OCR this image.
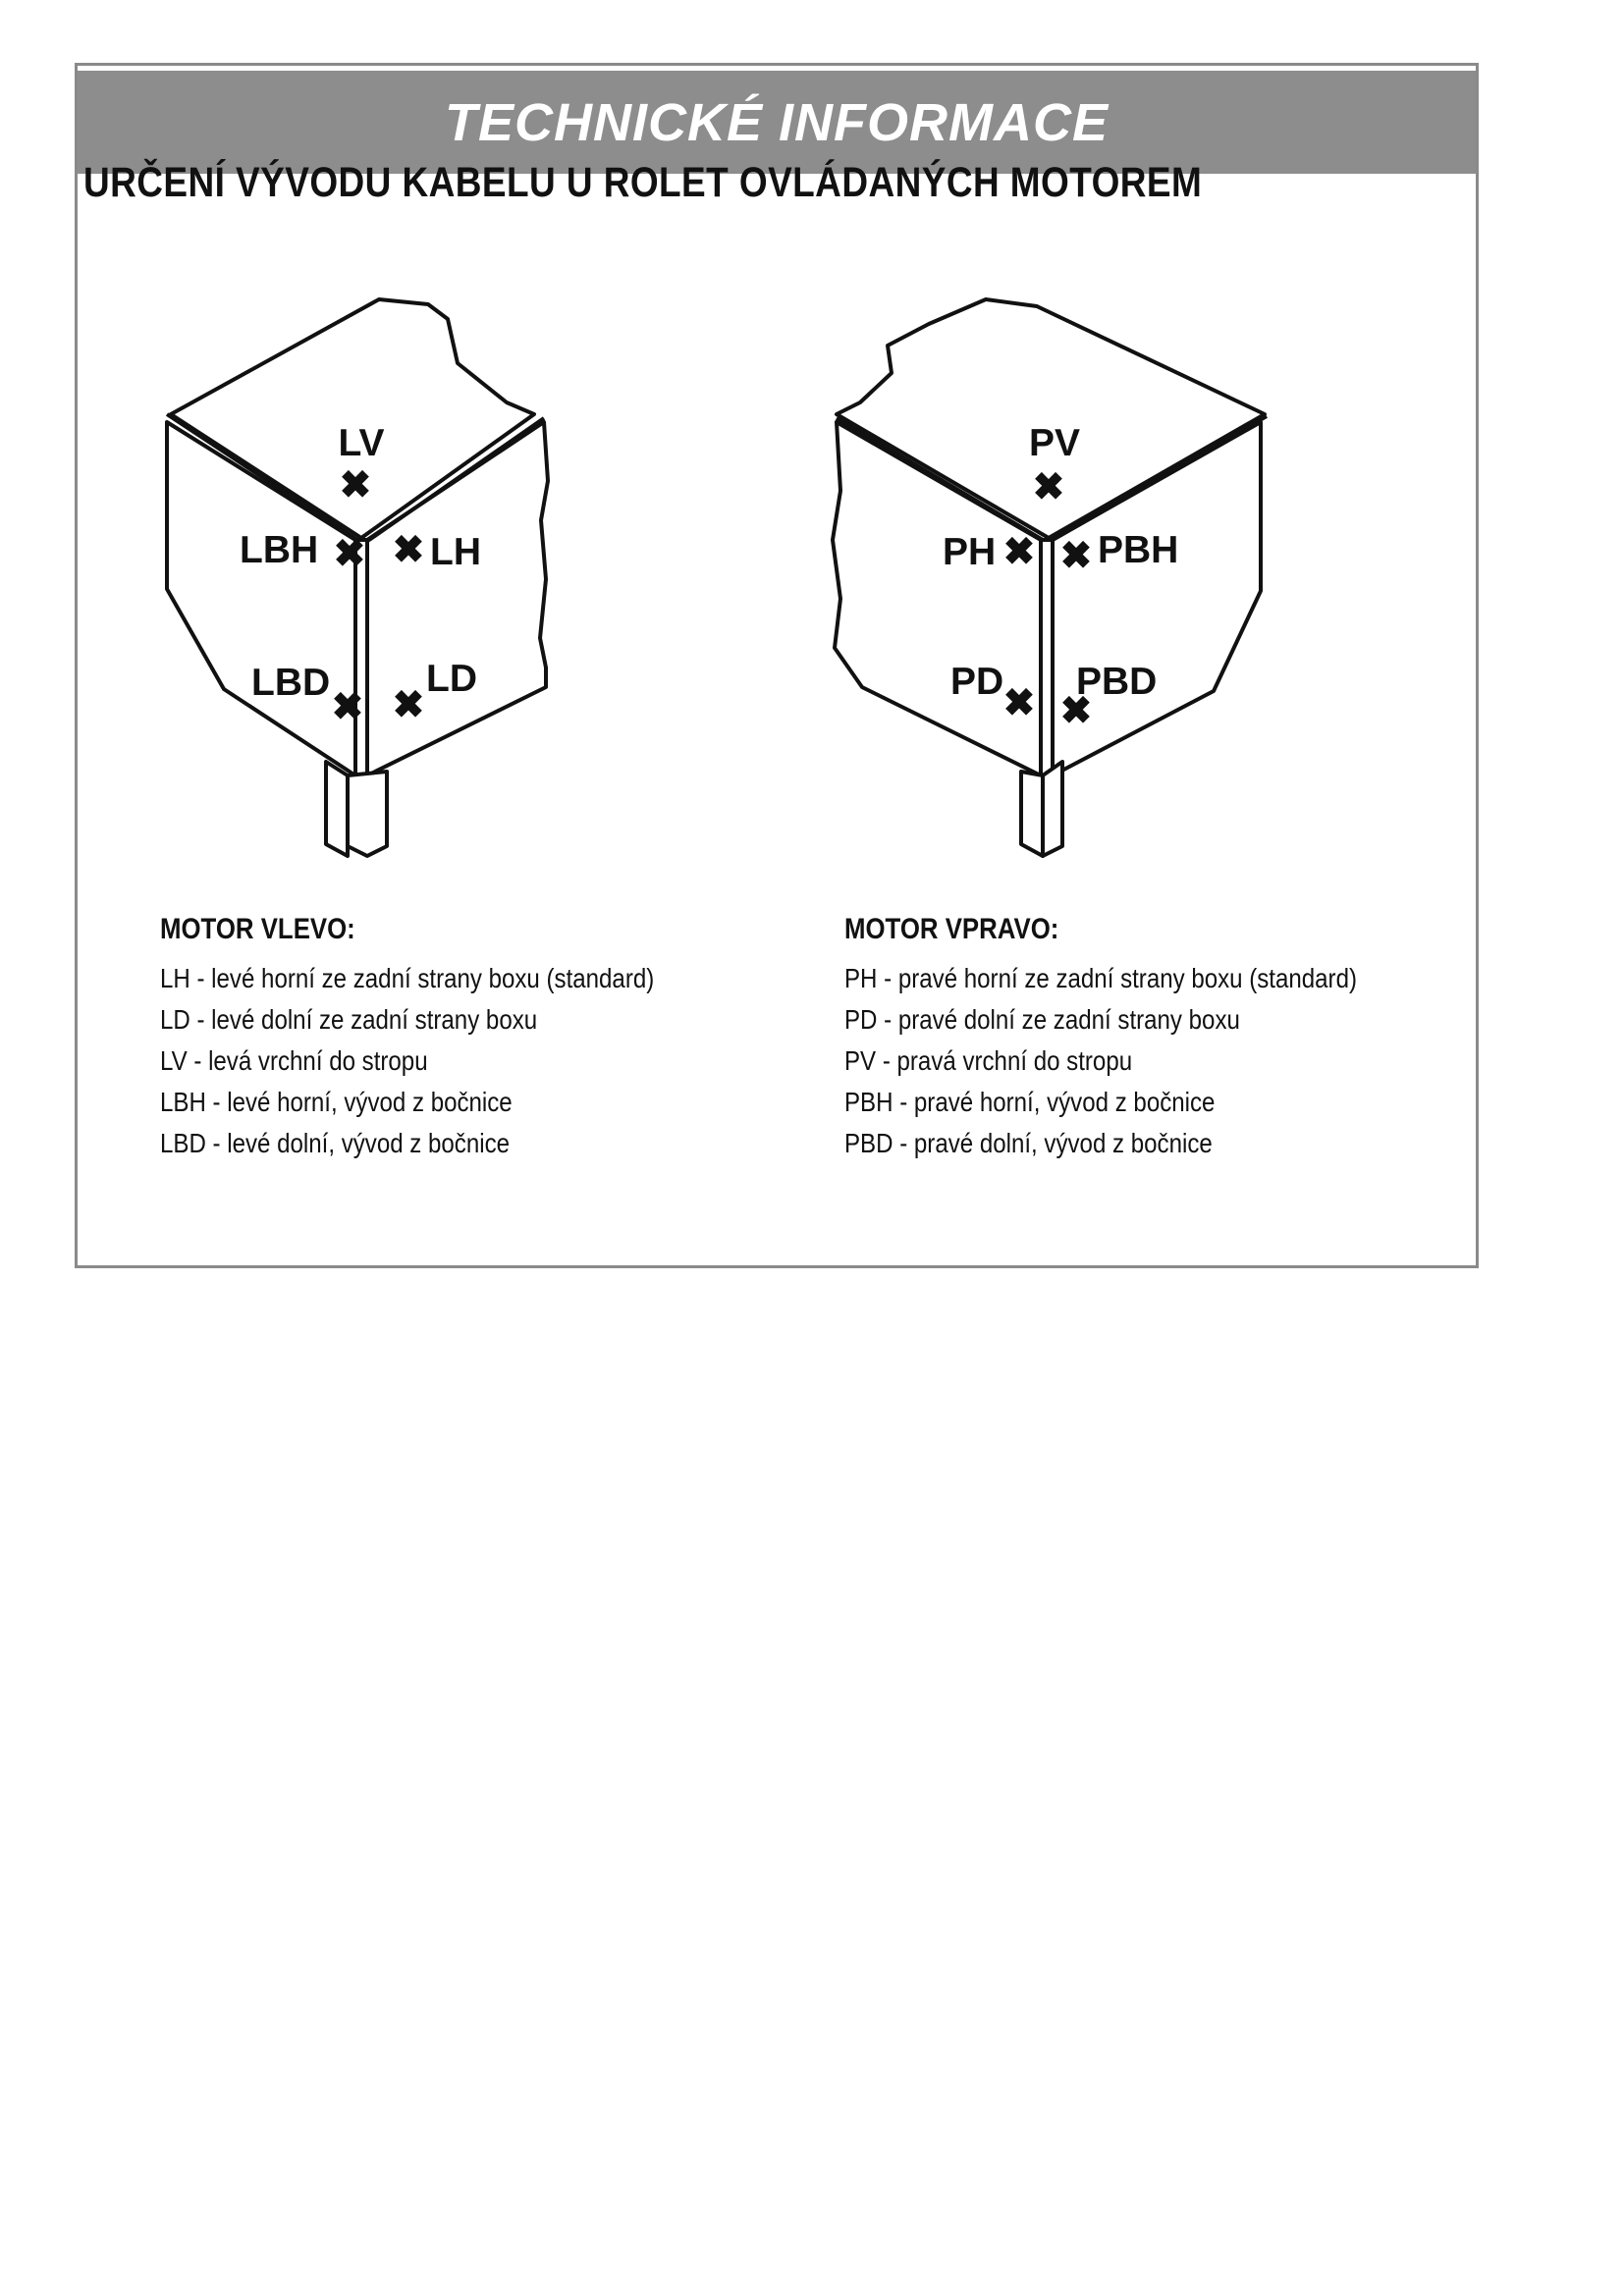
TECHNICKÉ INFORMACE
URČENÍ VÝVODU KABELU U ROLET OVLÁDANÝCH MOTOREM
LV
LBH	LH
LBD	LD
✖
✖ ✖
✖ ✖
PV
PH	PBH
PD PBD
✖
✖ ✖
✖ ✖
MOTOR VLEVO:
LH - levé horní ze zadní strany boxu (standard)
LD - levé dolní ze zadní strany boxu
LV - levá vrchní do stropu
LBH - levé horní, vývod z bočnice
LBD - levé dolní, vývod z bočnice
MOTOR VPRAVO:
PH - pravé horní ze zadní strany boxu (standard)
PD - pravé dolní ze zadní strany boxu
PV - pravá vrchní do stropu
PBH - pravé horní, vývod z bočnice
PBD - pravé dolní, vývod z bočnice
